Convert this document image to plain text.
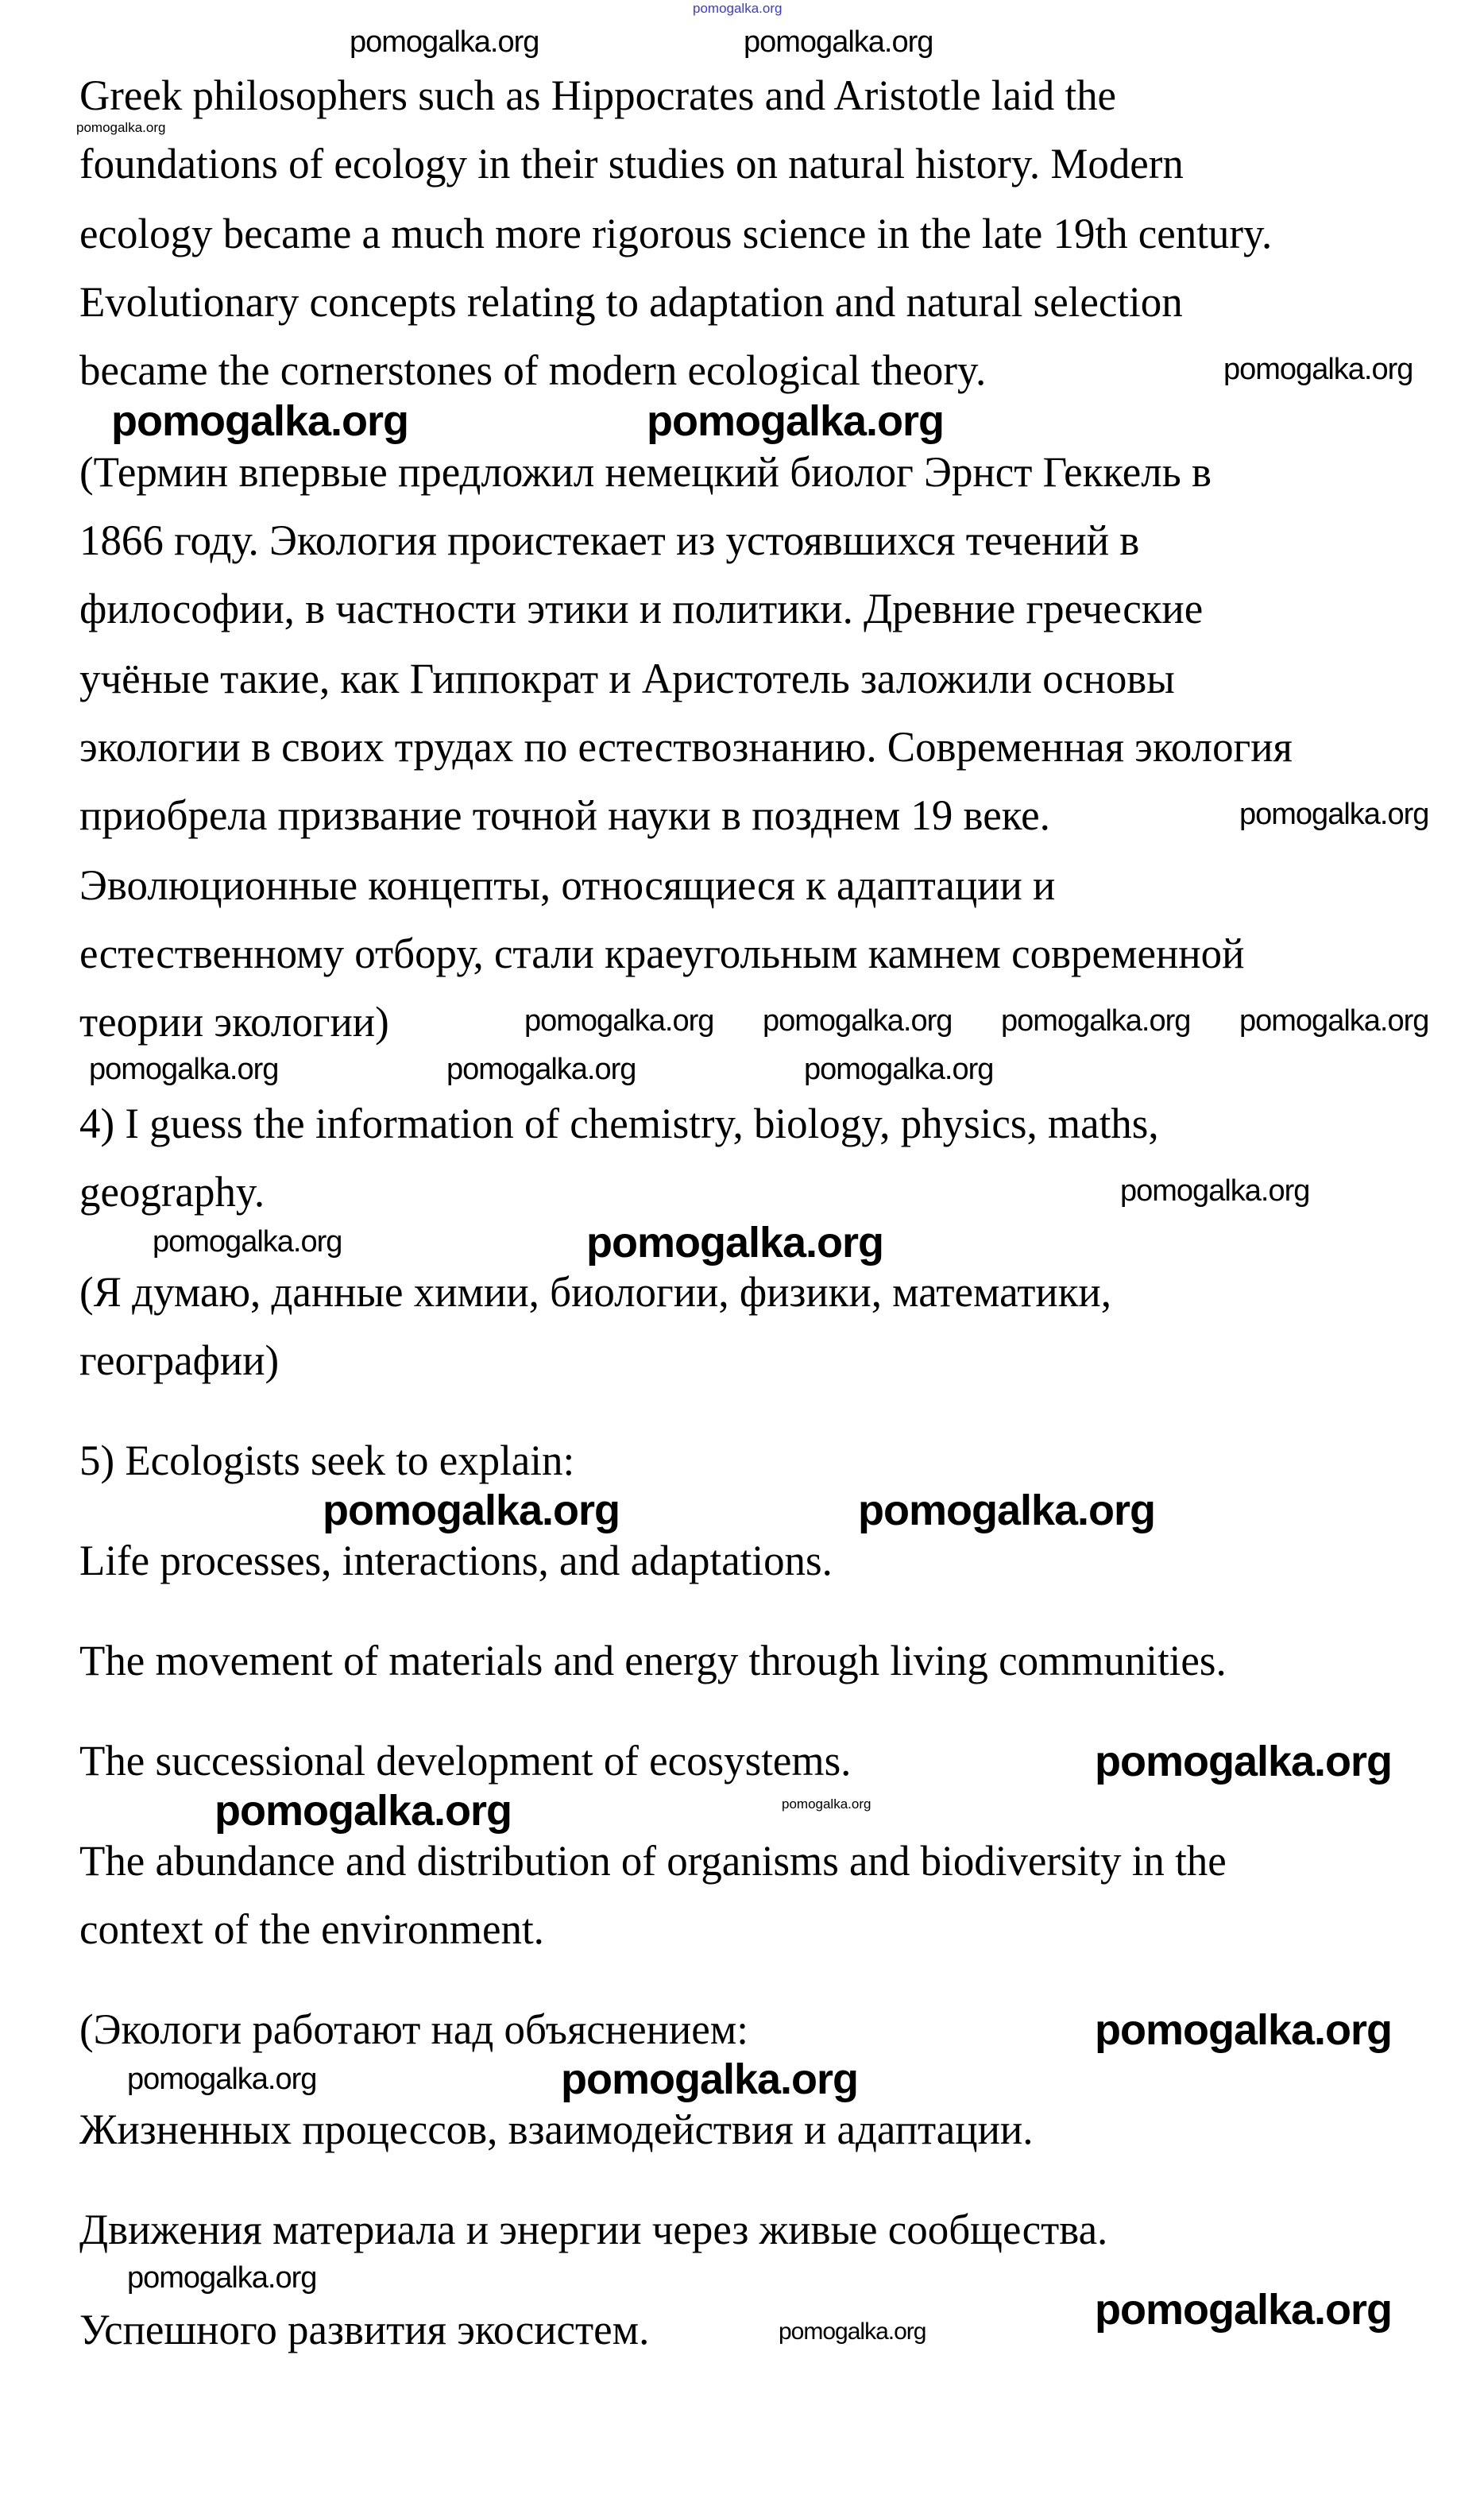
Greek philosophers such as Hippocrates and Aristotle laid the
foundations of ecology in their studies on natural history. Modern
ecology became a much more rigorous science in the late 19th century.
Evolutionary concepts relating to adaptation and natural selection
became the cornerstones of modern ecological theory.
(Термин впервые предложил немецкий биолог Эрнст Геккель в
1866 году. Экология проистекает из устоявшихся течений в
философии, в частности этики и политики. Древние греческие
учёные такие, как Гиппократ и Аристотель заложили основы
экологии в своих трудах по естествознанию. Современная экология
приобрела призвание точной науки в позднем 19 веке.
Эволюционные концепты, относящиеся к адаптации и
естественному отбору, стали краеугольным камнем современной
теории экологии)
4) I guess the information of chemistry, biology, physics, maths,
geography.
(Я думаю, данные химии, биологии, физики, математики,
географии)
5) Ecologists seek to explain:
Life processes, interactions, and adaptations.
The movement of materials and energy through living communities.
The successional development of ecosystems.
The abundance and distribution of organisms and biodiversity in the
context of the environment.
(Экологи работают над объяснением:
Жизненных процессов, взаимодействия и адаптации.
Движения материала и энергии через живые сообщества.
Успешного развития экосистем.
pomogalka.org
pomogalka.org
pomogalka.org	pomogalka.org
pomogalka.org
pomogalka.org	pomogalka.org
pomogalka.org
pomogalka.org pomogalka.org pomogalka.org pomogalka.org
pomogalka.org	pomogalka.org
pomogalka.org
pomogalka.org
pomogalka.org	pomogalka.org
pomogalka.org	pomogalka.org
pomogalka.org
pomogalka.org	pomogalka.org
pomogalka.org
pomogalka.org	pomogalka.org
pomogalka.org
pomogalka.org
pomogalka.org
